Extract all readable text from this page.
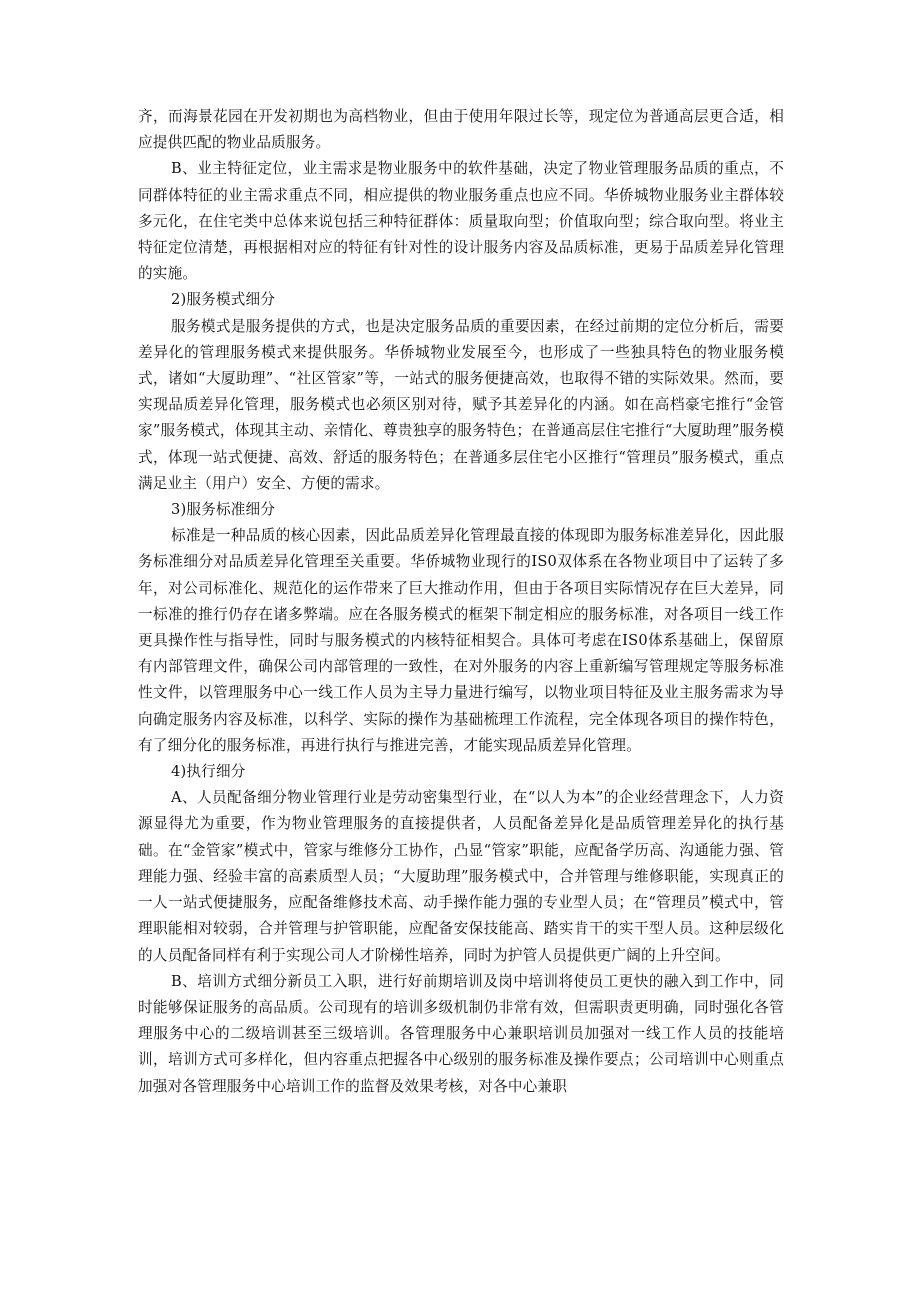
齐，而海景花园在开发初期也为高档物业，但由于使用年限过长等，现定位为普通高层更合适，相应提供匹配的物业品质服务。

B、业主特征定位，业主需求是物业服务中的软件基础，决定了物业管理服务品质的重点，不同群体特征的业主需求重点不同，相应提供的物业服务重点也应不同。华侨城物业服务业主群体较多元化，在住宅类中总体来说包括三种特征群体：质量取向型；价值取向型；综合取向型。将业主特征定位清楚，再根据相对应的特征有针对性的设计服务内容及品质标准，更易于品质差异化管理的实施。

2)服务模式细分

服务模式是服务提供的方式，也是决定服务品质的重要因素，在经过前期的定位分析后，需要差异化的管理服务模式来提供服务。华侨城物业发展至今，也形成了一些独具特色的物业服务模式，诸如“大厦助理”、“社区管家”等，一站式的服务便捷高效，也取得不错的实际效果。然而，要实现品质差异化管理，服务模式也必须区别对待，赋予其差异化的内涵。如在高档豪宅推行“金管家”服务模式，体现其主动、亲情化、尊贵独享的服务特色；在普通高层住宅推行“大厦助理”服务模式，体现一站式便捷、高效、舒适的服务特色；在普通多层住宅小区推行“管理员”服务模式，重点满足业主（用户）安全、方便的需求。

3)服务标准细分

标准是一种品质的核心因素，因此品质差异化管理最直接的体现即为服务标准差异化，因此服务标准细分对品质差异化管理至关重要。华侨城物业现行的IS0双体系在各物业项目中了运转了多年，对公司标准化、规范化的运作带来了巨大推动作用，但由于各项目实际情况存在巨大差异，同一标准的推行仍存在诸多弊端。应在各服务模式的框架下制定相应的服务标准，对各项目一线工作更具操作性与指导性，同时与服务模式的内核特征相契合。具体可考虑在IS0体系基础上，保留原有内部管理文件，确保公司内部管理的一致性，在对外服务的内容上重新编写管理规定等服务标准性文件，以管理服务中心一线工作人员为主导力量进行编写，以物业项目特征及业主服务需求为导向确定服务内容及标准，以科学、实际的操作为基础梳理工作流程，完全体现各项目的操作特色，有了细分化的服务标准，再进行执行与推进完善，才能实现品质差异化管理。

4)执行细分

A、人员配备细分物业管理行业是劳动密集型行业，在“以人为本”的企业经营理念下，人力资源显得尤为重要，作为物业管理服务的直接提供者，人员配备差异化是品质管理差异化的执行基础。在“金管家”模式中，管家与维修分工协作，凸显“管家”职能，应配备学历高、沟通能力强、管理能力强、经验丰富的高素质型人员；“大厦助理”服务模式中，合并管理与维修职能，实现真正的一人一站式便捷服务，应配备维修技术高、动手操作能力强的专业型人员；在“管理员”模式中，管理职能相对较弱，合并管理与护管职能，应配备安保技能高、踏实肯干的实干型人员。这种层级化的人员配备同样有利于实现公司人才阶梯性培养，同时为护管人员提供更广阔的上升空间。

B、培训方式细分新员工入职，进行好前期培训及岗中培训将使员工更快的融入到工作中，同时能够保证服务的高品质。公司现有的培训多级机制仍非常有效，但需职责更明确，同时强化各管理服务中心的二级培训甚至三级培训。各管理服务中心兼职培训员加强对一线工作人员的技能培训，培训方式可多样化，但内容重点把握各中心级别的服务标准及操作要点；公司培训中心则重点加强对各管理服务中心培训工作的监督及效果考核，对各中心兼职
